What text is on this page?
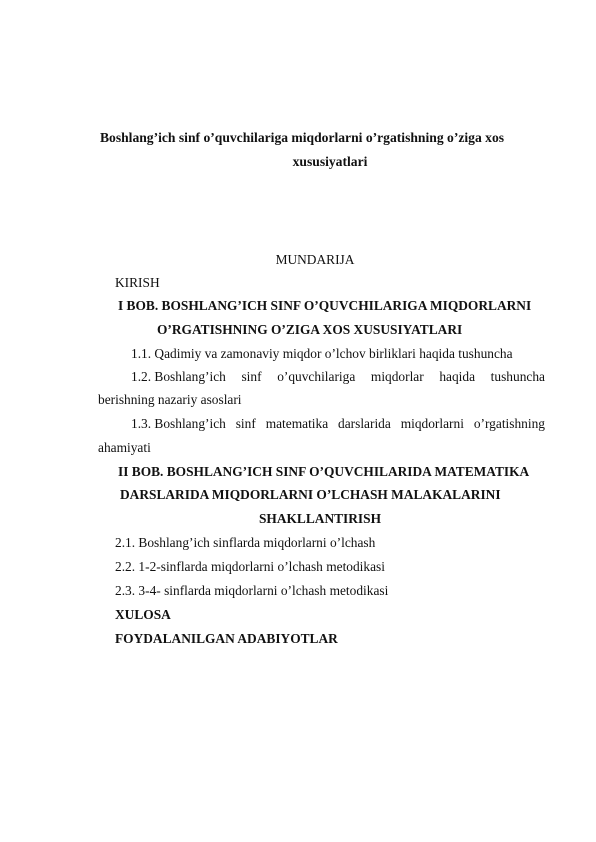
Boshlang’ich sinf o’quvchilariga miqdorlarni o’rgatishning o’ziga xos
xususiyatlari
MUNDARIJA
KIRISH
I BOB. BOSHLANG’ICH SINF O’QUVCHILARIGA MIQDORLARNI
O’RGATISHNING O’ZIGA XOS XUSUSIYATLARI
1.1. Qadimiy va zamonaviy miqdor o’lchov birliklari haqida tushuncha
1.2. Boshlang’ich sinf o’quvchilariga miqdorlar haqida tushuncha
berishning nazariy asoslari
1.3. Boshlang’ich sinf matematika darslarida miqdorlarni o’rgatishning
ahamiyati
II BOB. BOSHLANG’ICH SINF O’QUVCHILARIDA MATEMATIKA
DARSLARIDA MIQDORLARNI O’LCHASH MALAKALARINI
SHAKLLANTIRISH
2.1. Boshlang’ich sinflarda miqdorlarni o’lchash
2.2. 1-2-sinflarda miqdorlarni o’lchash metodikasi
2.3. 3-4- sinflarda miqdorlarni o’lchash metodikasi
XULOSA
FOYDALANILGAN ADABIYOTLAR
